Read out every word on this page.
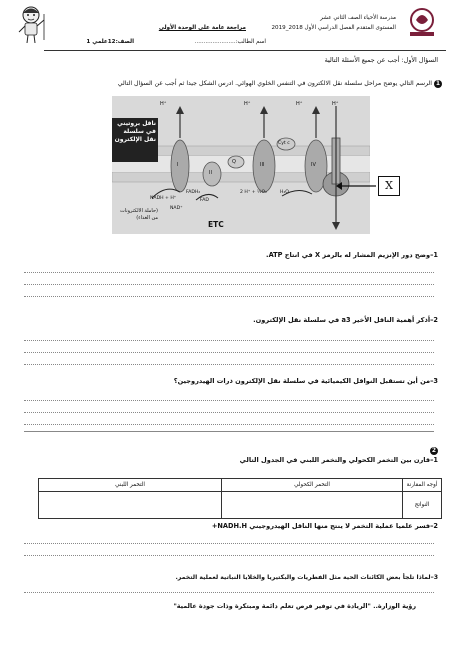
مدرسة الأحياء الصف الثاني عشر
المستوى المتقدم الفصل الدراسي الأول 2018_2019
مراجعة عامة على الوحدة الأولى
اسم الطالب:.......................
الصف:12علمي 1
السؤال الأول: أجب عن جميع الأسئلة التالية
1 الرسم التالي يوضح مراحل سلسلة نقل الالكترون في التنفس الخلوي الهوائي. ادرس الشكل جيدا ثم أجب عن السؤال التالي
H⁺	H⁺	H⁺	H⁺
I
II
Q	III
Cyt c
IV
NADH + H⁺
NAD⁺
FADH₂
FAD
2 H⁺ + ½O₂	H₂O
ETC
ناقل بروتيني في سلسلة نقل الإلكترون
(حاملة الالكترونات من الغذاء)
X
1–وضح دور الإنزيم المشار له بالرمز X في انتاج ATP.
2–أذكر أهمية الناقل الأخير a3 في سلسلة نقل الإلكترون.
3–من أين تستقبل النواقل الكيميائية في سلسلة نقل الإلكترون ذرات الهيدروجين؟
2
1–قارن بين التخمر الكحولي والتخمر اللبني في الجدول التالي
أوجه المقارنة	التخمر الكحولي	التخمر اللبني
النواتج		
2–فسر علميا عملية التخمر لا ينتج منها الناقل الهيدروجيني NADH.H+
3–لماذا تلجأ بعض الكائنات الحية مثل الفطريات والبكتيريا والخلايا النباتية لعملية التخمر.
رؤية الوزارة.. "الريادة في توفير فرص تعلم دائمة ومبتكرة وذات جودة عالمية"
